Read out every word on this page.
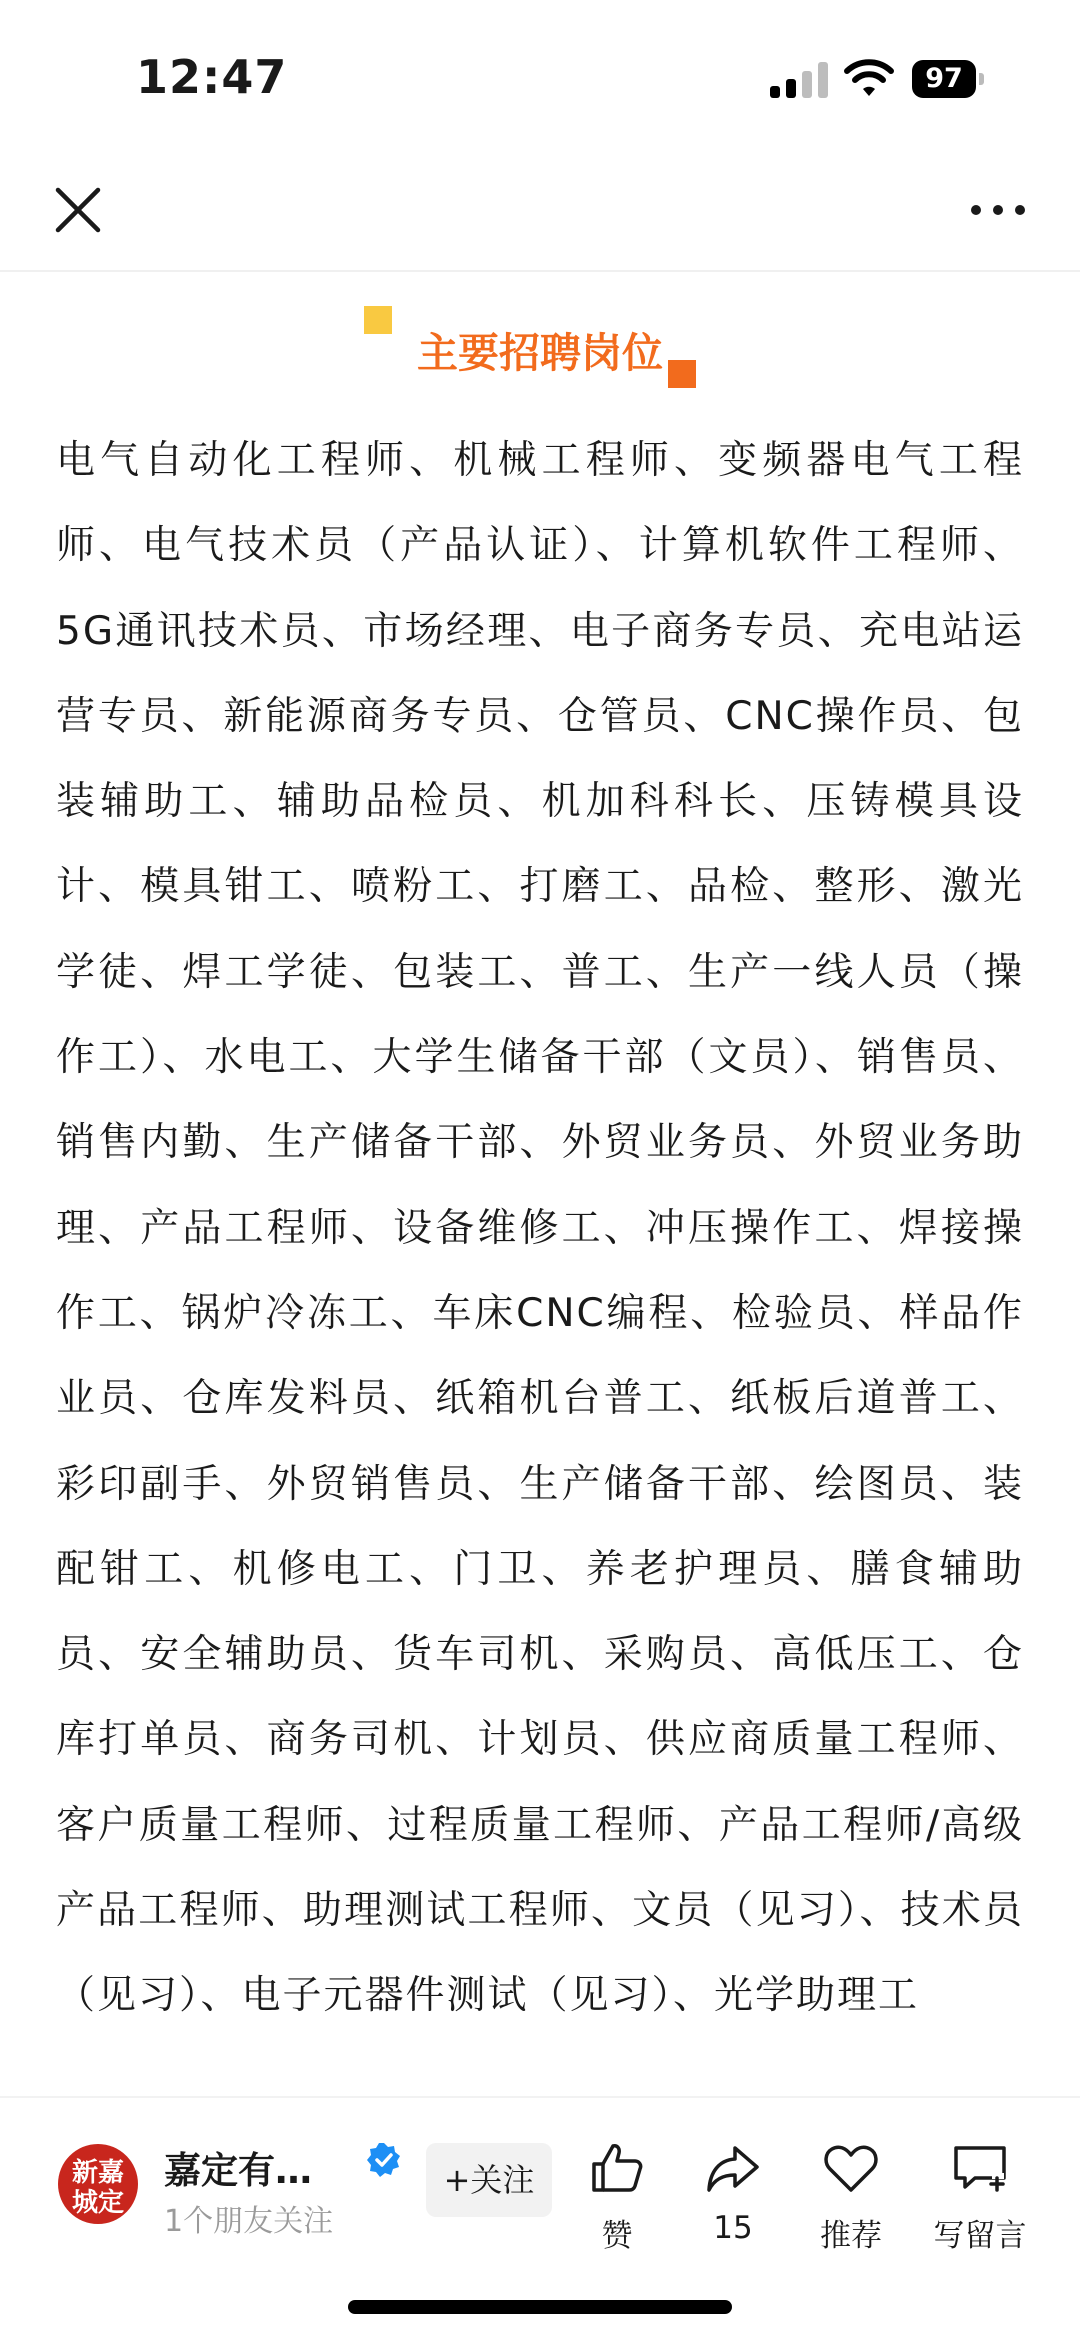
12:47	97
主要招聘岗位
电气自动化工程师、机械工程师、变频器电气工程师、电气技术员（产品认证）、计算机软件工程师、5G通讯技术员、市场经理、电子商务专员、充电站运营专员、新能源商务专员、仓管员、CNC操作员、包装辅助工、辅助品检员、机加科科长、压铸模具设计、模具钳工、喷粉工、打磨工、品检、整形、激光学徒、焊工学徒、包装工、普工、生产一线人员（操作工）、水电工、大学生储备干部（文员）、销售员、销售内勤、生产储备干部、外贸业务员、外贸业务助理、产品工程师、设备维修工、冲压操作工、焊接操作工、锅炉冷冻工、车床CNC编程、检验员、样品作业员、仓库发料员、纸箱机台普工、纸板后道普工、彩印副手、外贸销售员、生产储备干部、绘图员、装配钳工、机修电工、门卫、养老护理员、膳食辅助员、安全辅助员、货车司机、采购员、高低压工、仓库打单员、商务司机、计划员、供应商质量工程师、客户质量工程师、过程质量工程师、产品工程师/高级产品工程师、助理测试工程师、文员（见习）、技术员（见习）、电子元器件测试（见习）、光学助理工
新嘉城定
嘉定有…
1个朋友关注
+关注
赞	15	推荐	写留言
